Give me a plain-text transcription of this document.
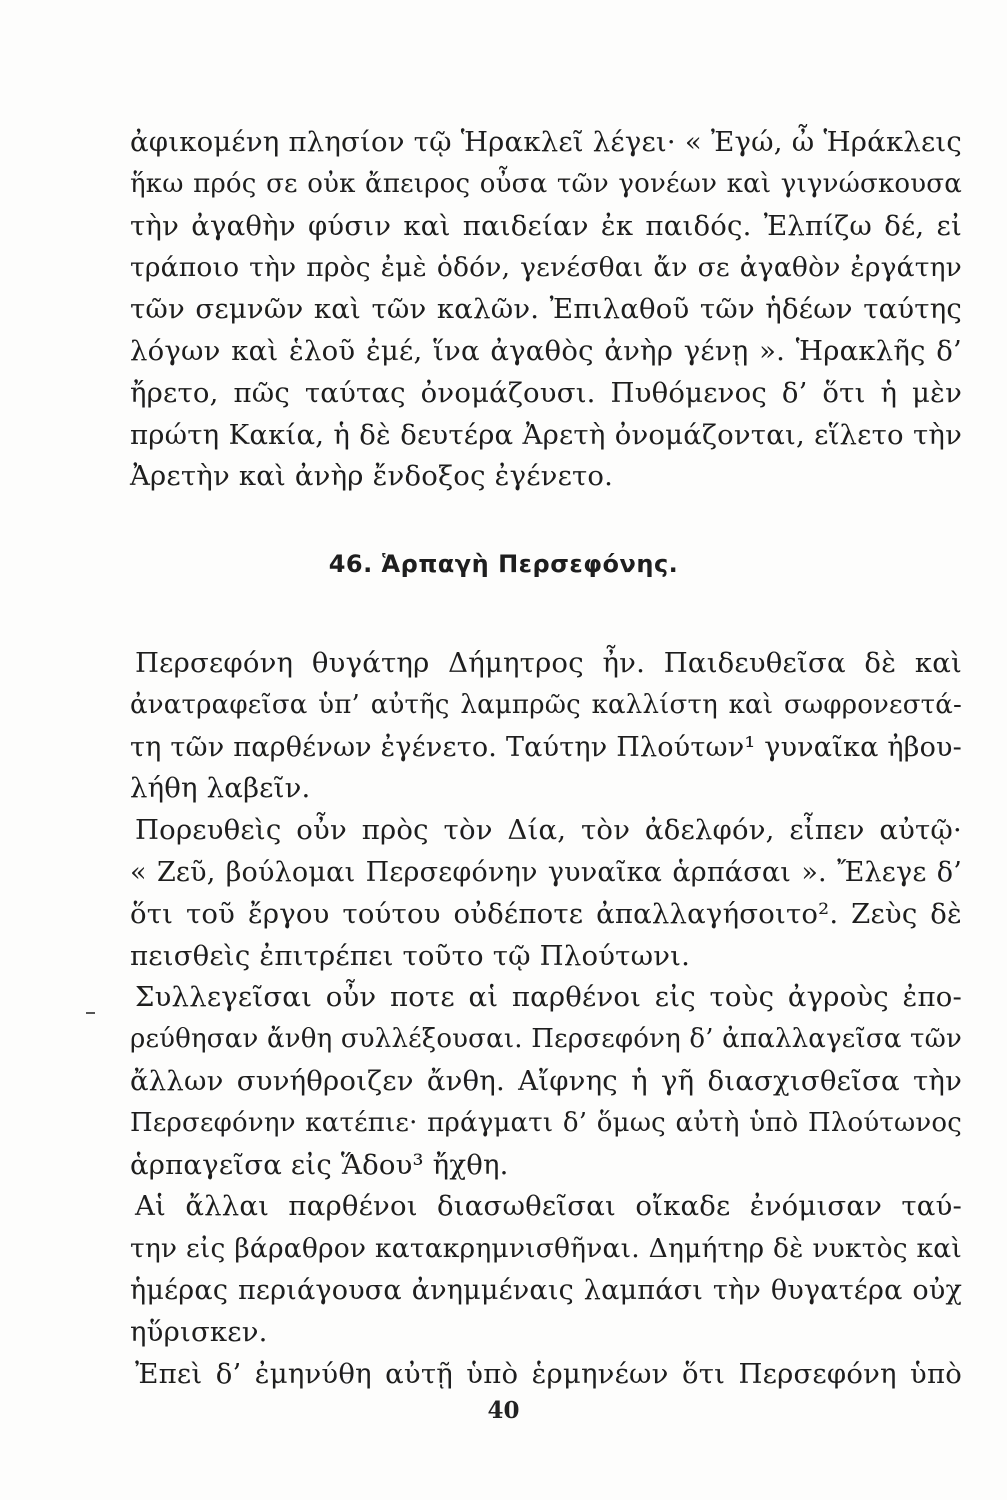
ἀφικομένη πλησίον τῷ Ἡρακλεῖ λέγει· « Ἐγώ, ὦ Ἡράκλεις
ἥκω πρός σε οὐκ ἄπειρος οὖσα τῶν γονέων καὶ γιγνώσκουσα
τὴν ἀγαθὴν φύσιν καὶ παιδείαν ἐκ παιδός. Ἐλπίζω δέ, εἰ
τράποιο τὴν πρὸς ἐμὲ ὁδόν, γενέσθαι ἄν σε ἀγαθὸν ἐργάτην
τῶν σεμνῶν καὶ τῶν καλῶν. Ἐπιλαθοῦ τῶν ἡδέων ταύτης
λόγων καὶ ἑλοῦ ἐμέ, ἵνα ἀγαθὸς ἀνὴρ γένῃ ». Ἡρακλῆς δ’
ἤρετο, πῶς ταύτας ὀνομάζουσι. Πυθόμενος δ’ ὅτι ἡ μὲν
πρώτη Κακία, ἡ δὲ δευτέρα Ἀρετὴ ὀνομάζονται, εἵλετο τὴν
Ἀρετὴν καὶ ἀνὴρ ἔνδοξος ἐγένετο.
46. Ἁρπαγὴ Περσεφόνης.
Περσεφόνη θυγάτηρ Δήμητρος ἦν. Παιδευθεῖσα δὲ καὶ
ἀνατραφεῖσα ὑπ’ αὐτῆς λαμπρῶς καλλίστη καὶ σωφρονεστά-
τη τῶν παρθένων ἐγένετο. Ταύτην Πλούτων¹ γυναῖκα ἠβου-
λήθη λαβεῖν.
Πορευθεὶς οὖν πρὸς τὸν Δία, τὸν ἀδελφόν, εἶπεν αὐτῷ·
« Ζεῦ, βούλομαι Περσεφόνην γυναῖκα ἁρπάσαι ». Ἔλεγε δ’
ὅτι τοῦ ἔργου τούτου οὐδέποτε ἀπαλλαγήσοιτο². Ζεὺς δὲ
πεισθεὶς ἐπιτρέπει τοῦτο τῷ Πλούτωνι.
Συλλεγεῖσαι οὖν ποτε αἱ παρθένοι εἰς τοὺς ἀγροὺς ἐπο-
ρεύθησαν ἄνθη συλλέξουσαι. Περσεφόνη δ’ ἀπαλλαγεῖσα τῶν
ἄλλων συνήθροιζεν ἄνθη. Αἴφνης ἡ γῆ διασχισθεῖσα τὴν
Περσεφόνην κατέπιε· πράγματι δ’ ὅμως αὐτὴ ὑπὸ Πλούτωνος
ἁρπαγεῖσα εἰς Ἅδου³ ἤχθη.
Αἱ ἄλλαι παρθένοι διασωθεῖσαι οἴκαδε ἐνόμισαν ταύ-
την εἰς βάραθρον κατακρημνισθῆναι. Δημήτηρ δὲ νυκτὸς καὶ
ἡμέρας περιάγουσα ἀνημμέναις λαμπάσι τὴν θυγατέρα οὐχ
ηὕρισκεν.
Ἐπεὶ δ’ ἐμηνύθη αὐτῇ ὑπὸ ἑρμηνέων ὅτι Περσεφόνη ὑπὸ
40
